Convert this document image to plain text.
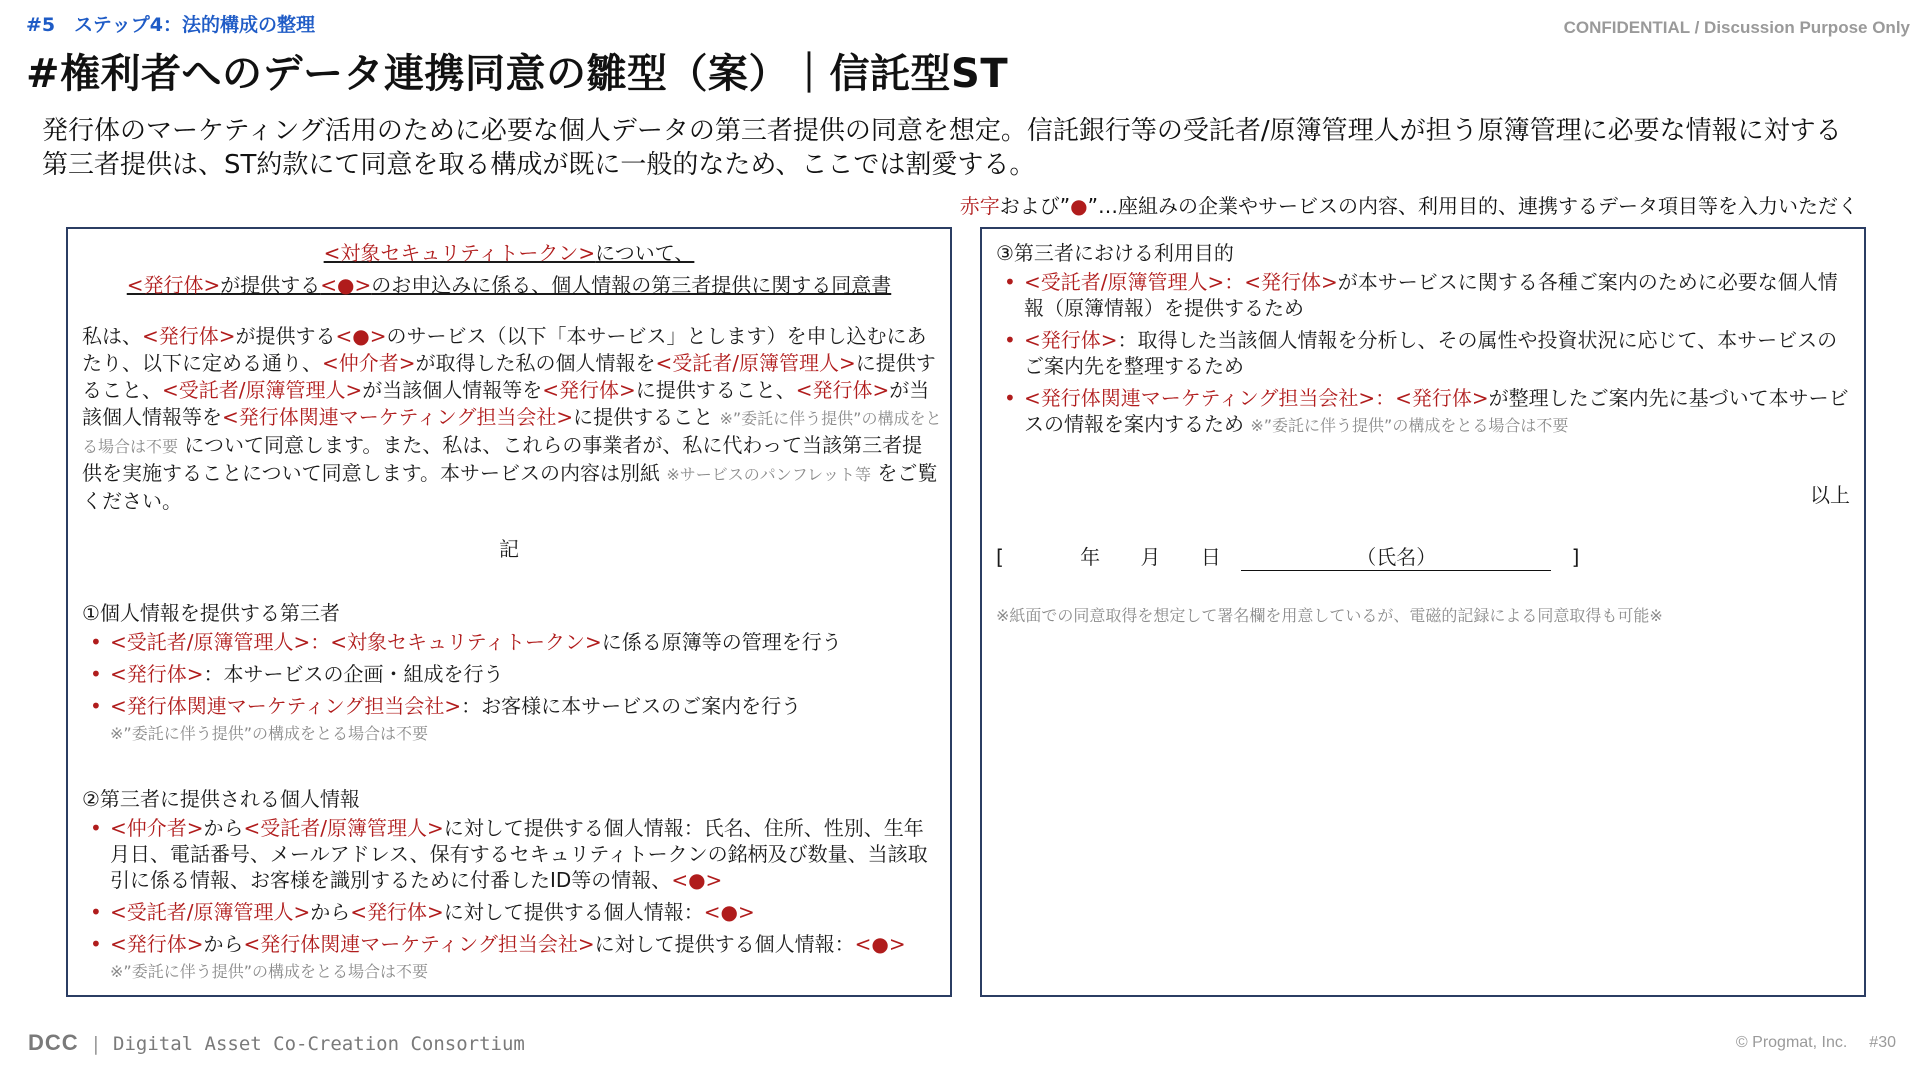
#5　ステップ4：法的構成の整理	CONFIDENTIAL / Discussion Purpose Only
#権利者へのデータ連携同意の雛型（案）｜信託型ST
発行体のマーケティング活用のために必要な個人データの第三者提供の同意を想定。信託銀行等の受託者/原簿管理人が担う原簿管理に必要な情報に対する第三者提供は、ST約款にて同意を取る構成が既に一般的なため、ここでは割愛する。
赤字および”●”…座組みの企業やサービスの内容、利用目的、連携するデータ項目等を入力いただく
<対象セキュリティトークン>について、
<発行体>が提供する<●>のお申込みに係る、個人情報の第三者提供に関する同意書
私は、<発行体>が提供する<●>のサービス（以下「本サービス」とします）を申し込むにあたり、以下に定める通り、<仲介者>が取得した私の個人情報を<受託者/原簿管理人>に提供すること、<受託者/原簿管理人>が当該個人情報等を<発行体>に提供すること、<発行体>が当該個人情報等を<発行体関連マーケティング担当会社>に提供すること ※”委託に伴う提供”の構成をとる場合は不要 について同意します。また、私は、これらの事業者が、私に代わって当該第三者提供を実施することについて同意します。本サービスの内容は別紙 ※サービスのパンフレット等 をご覧ください。
記
①個人情報を提供する第三者
• <受託者/原簿管理人>：<対象セキュリティトークン>に係る原簿等の管理を行う
• <発行体>：本サービスの企画・組成を行う
• <発行体関連マーケティング担当会社>：お客様に本サービスのご案内を行う
※”委託に伴う提供”の構成をとる場合は不要
②第三者に提供される個人情報
• <仲介者>から<受託者/原簿管理人>に対して提供する個人情報：氏名、住所、性別、生年月日、電話番号、メールアドレス、保有するセキュリティトークンの銘柄及び数量、当該取引に係る情報、お客様を識別するために付番したID等の情報、<●>
• <受託者/原簿管理人>から<発行体>に対して提供する個人情報：<●>
• <発行体>から<発行体関連マーケティング担当会社>に対して提供する個人情報：<●>
※”委託に伴う提供”の構成をとる場合は不要
③第三者における利用目的
• <受託者/原簿管理人>：<発行体>が本サービスに関する各種ご案内のために必要な個人情報（原簿情報）を提供するため
• <発行体>：取得した当該個人情報を分析し、その属性や投資状況に応じて、本サービスのご案内先を整理するため
• <発行体関連マーケティング担当会社>：<発行体>が整理したご案内先に基づいて本サービスの情報を案内するため ※”委託に伴う提供”の構成をとる場合は不要
以上
[	年 月 日	（氏名）	]
※紙面での同意取得を想定して署名欄を用意しているが、電磁的記録による同意取得も可能※
DCC | Digital Asset Co-Creation Consortium	© Progmat, Inc. #30
